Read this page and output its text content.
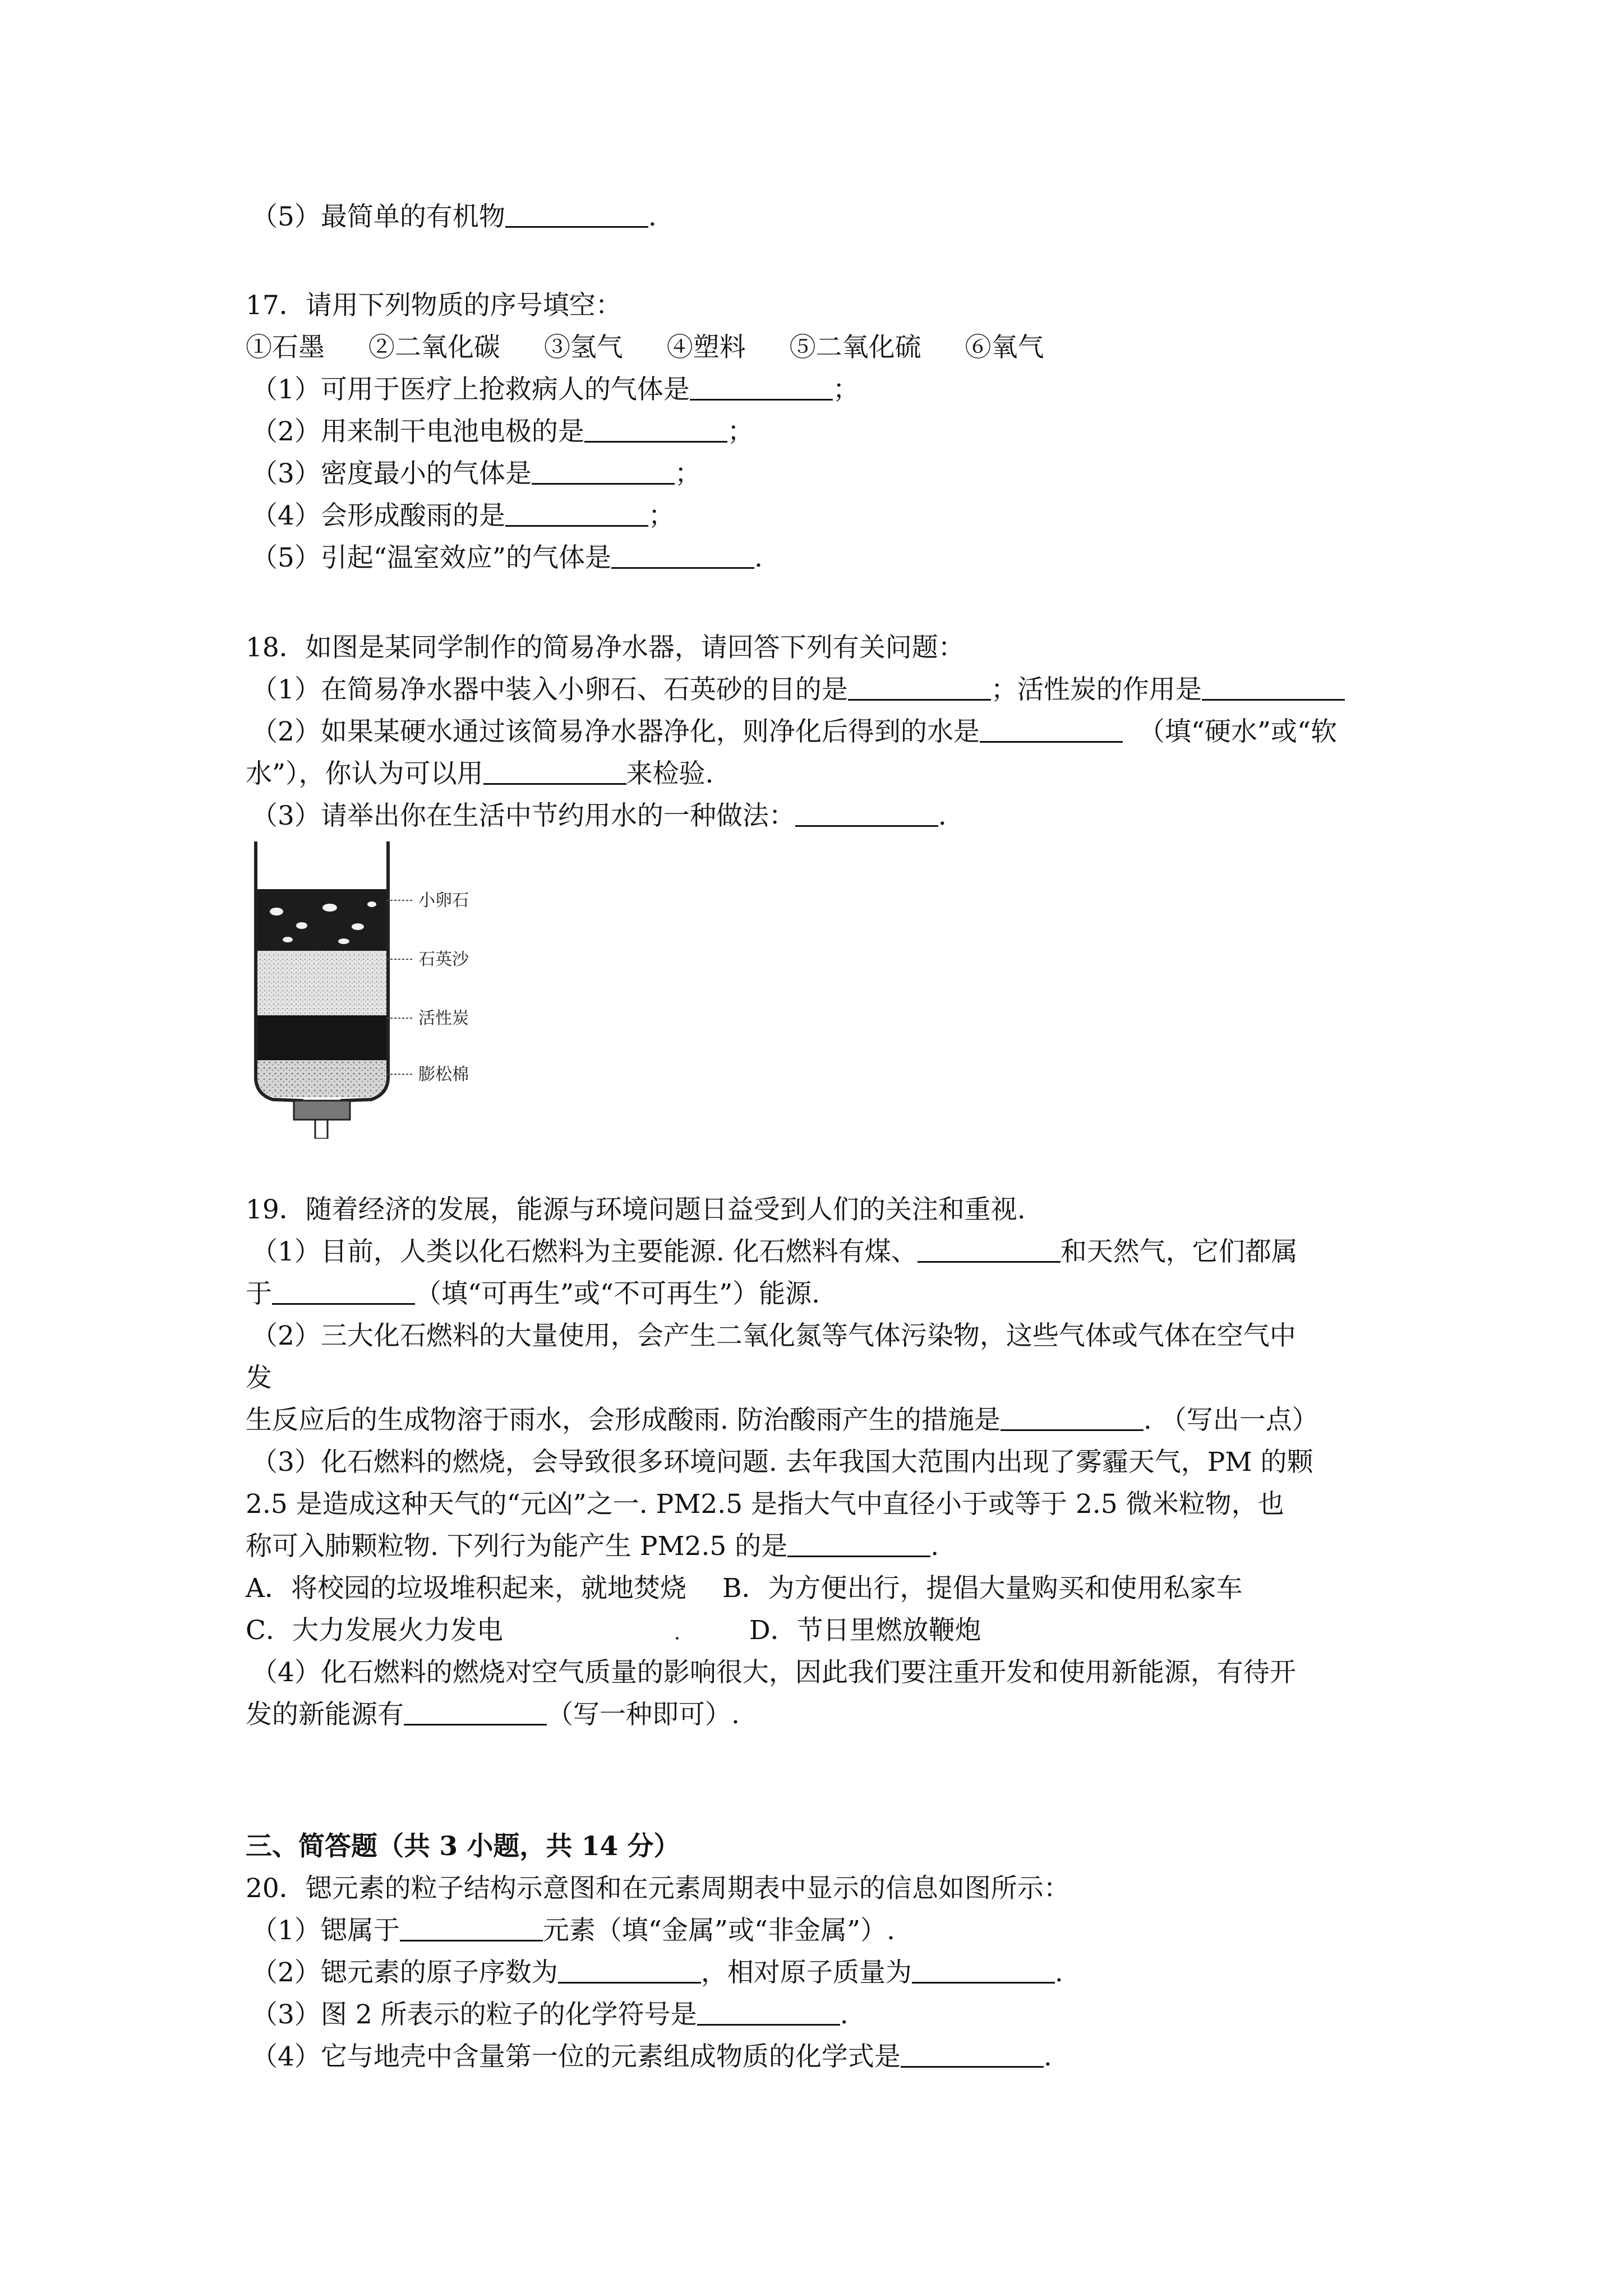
（5）最简单的有机物	.

17．请用下列物质的序号填空：

①石墨 ②二氧化碳 ③氢气 ④塑料 ⑤二氧化硫 ⑥氧气

（1）可用于医疗上抢救病人的气体是	；

（2）用来制干电池电极的是	；

（3）密度最小的气体是	；

（4）会形成酸雨的是	；

（5）引起“温室效应”的气体是	.

18．如图是某同学制作的简易净水器，请回答下列有关问题：

（1）在简易净水器中装入小卵石、石英砂的目的是	；活性炭的作用是

（2）如果某硬水通过该简易净水器净化，则净化后得到的水是	（填“硬水”或“软

水”），你认为可以用	来检验.

（3）请举出你在生活中节约用水的一种做法：	.

小卵石
石英沙
活性炭
膨松棉

19．随着经济的发展，能源与环境问题日益受到人们的关注和重视.

（1）目前，人类以化石燃料为主要能源. 化石燃料有煤、	和天然气，它们都属

于	（填“可再生”或“不可再生”）能源.

（2）三大化石燃料的大量使用，会产生二氧化氮等气体污染物，这些气体或气体在空气中

发

生反应后的生成物溶于雨水，会形成酸雨. 防治酸雨产生的措施是	. （写出一点）

（3）化石燃料的燃烧，会导致很多环境问题. 去年我国大范围内出现了雾霾天气，PM 的颗

2.5 是造成这种天气的“元凶”之一. PM2.5 是指大气中直径小于或等于 2.5 微米粒物，也

称可入肺颗粒物. 下列行为能产生 PM2.5 的是	.

A．将校园的垃圾堆积起来，就地焚烧 B．为方便出行，提倡大量购买和使用私家车

C．大力发展火力发电	D．节日里燃放鞭炮

（4）化石燃料的燃烧对空气质量的影响很大，因此我们要注重开发和使用新能源，有待开

发的新能源有	（写一种即可）.

三、简答题（共 3 小题，共 14 分）

20．锶元素的粒子结构示意图和在元素周期表中显示的信息如图所示：

（1）锶属于	元素（填“金属”或“非金属”）.

（2）锶元素的原子序数为	，相对原子质量为	.

（3）图 2 所表示的粒子的化学符号是	.

（4）它与地壳中含量第一位的元素组成物质的化学式是	.
